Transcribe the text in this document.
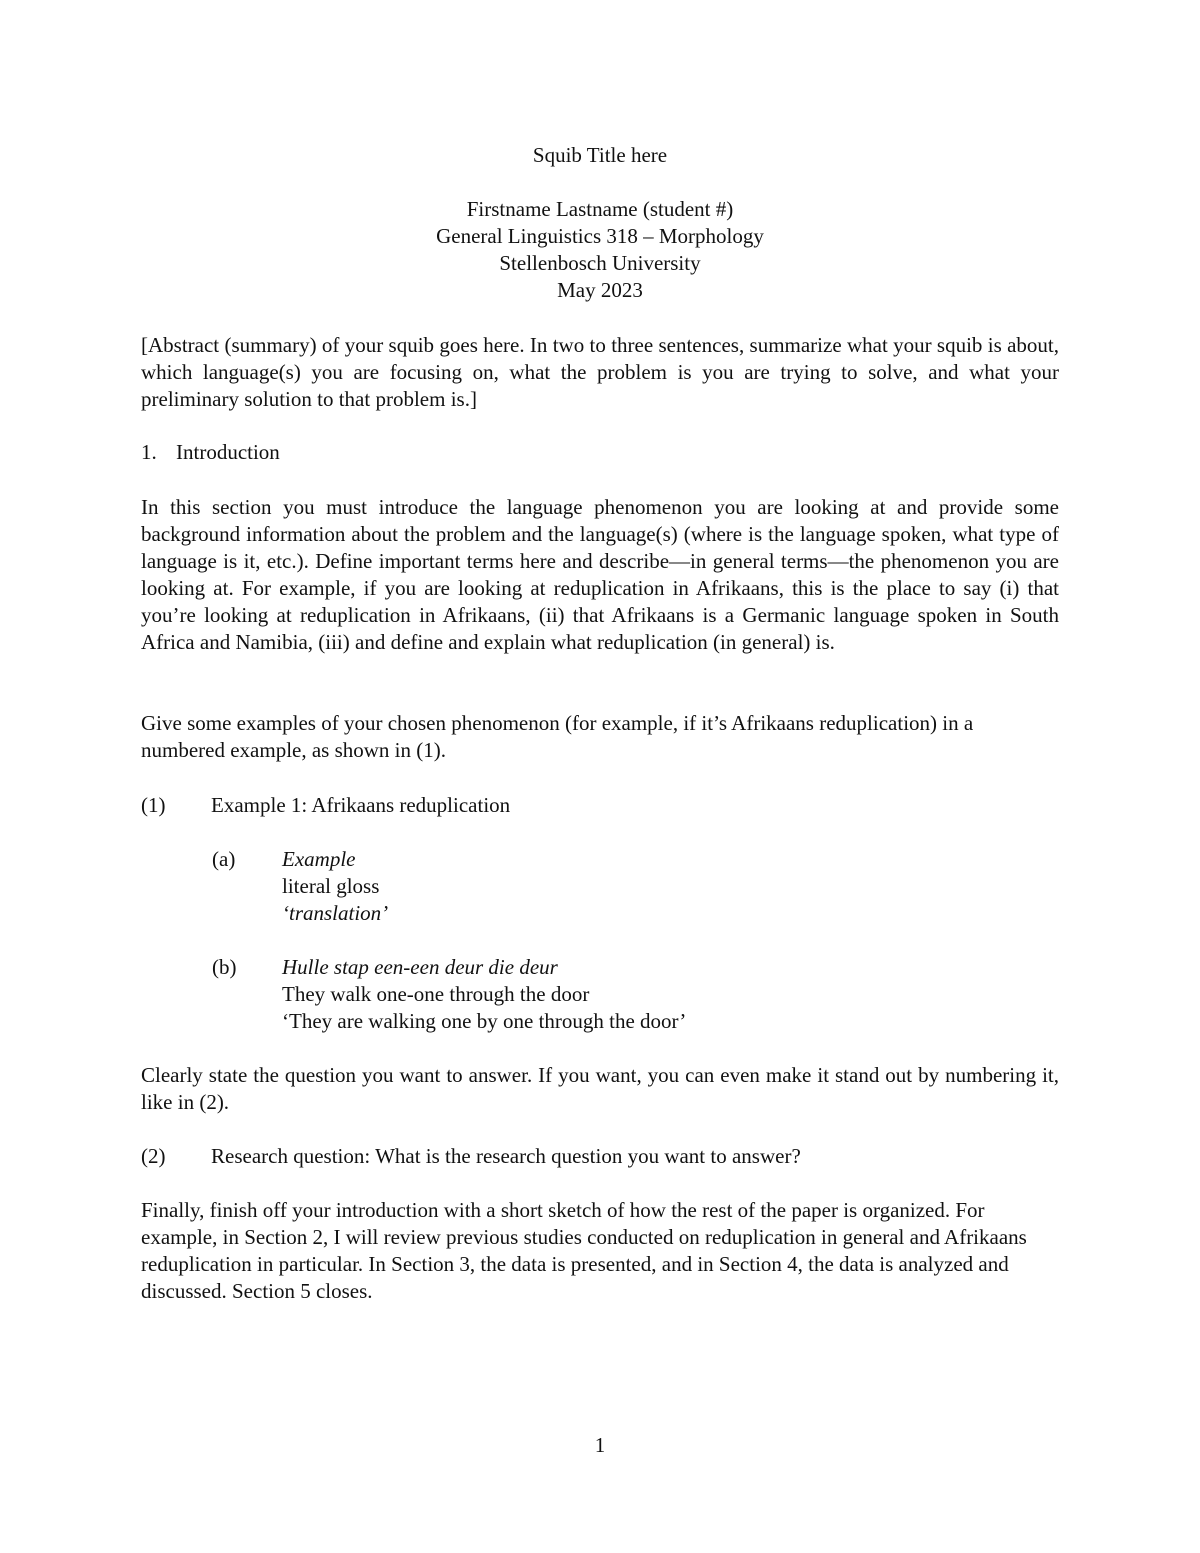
Squib Title here
Firstname Lastname (student #)
General Linguistics 318 – Morphology
Stellenbosch University
May 2023
[Abstract (summary) of your squib goes here. In two to three sentences, summarize what your squib is about, which language(s) you are focusing on, what the problem is you are trying to solve, and what your preliminary solution to that problem is.]
1. Introduction
In this section you must introduce the language phenomenon you are looking at and provide some background information about the problem and the language(s) (where is the language spoken, what type of language is it, etc.). Define important terms here and describe—in general terms—the phenomenon you are looking at. For example, if you are looking at reduplication in Afrikaans, this is the place to say (i) that you’re looking at reduplication in Afrikaans, (ii) that Afrikaans is a Germanic language spoken in South Africa and Namibia, (iii) and define and explain what reduplication (in general) is.
Give some examples of your chosen phenomenon (for example, if it’s Afrikaans reduplication) in a numbered example, as shown in (1).
(1) Example 1: Afrikaans reduplication
(a)	Example
literal gloss
‘translation’
(b)	Hulle stap een-een deur die deur
They walk one-one through the door
‘They are walking one by one through the door’
Clearly state the question you want to answer. If you want, you can even make it stand out by numbering it, like in (2).
(2) Research question: What is the research question you want to answer?
Finally, finish off your introduction with a short sketch of how the rest of the paper is organized. For example, in Section 2, I will review previous studies conducted on reduplication in general and Afrikaans reduplication in particular. In Section 3, the data is presented, and in Section 4, the data is analyzed and discussed. Section 5 closes.
1
